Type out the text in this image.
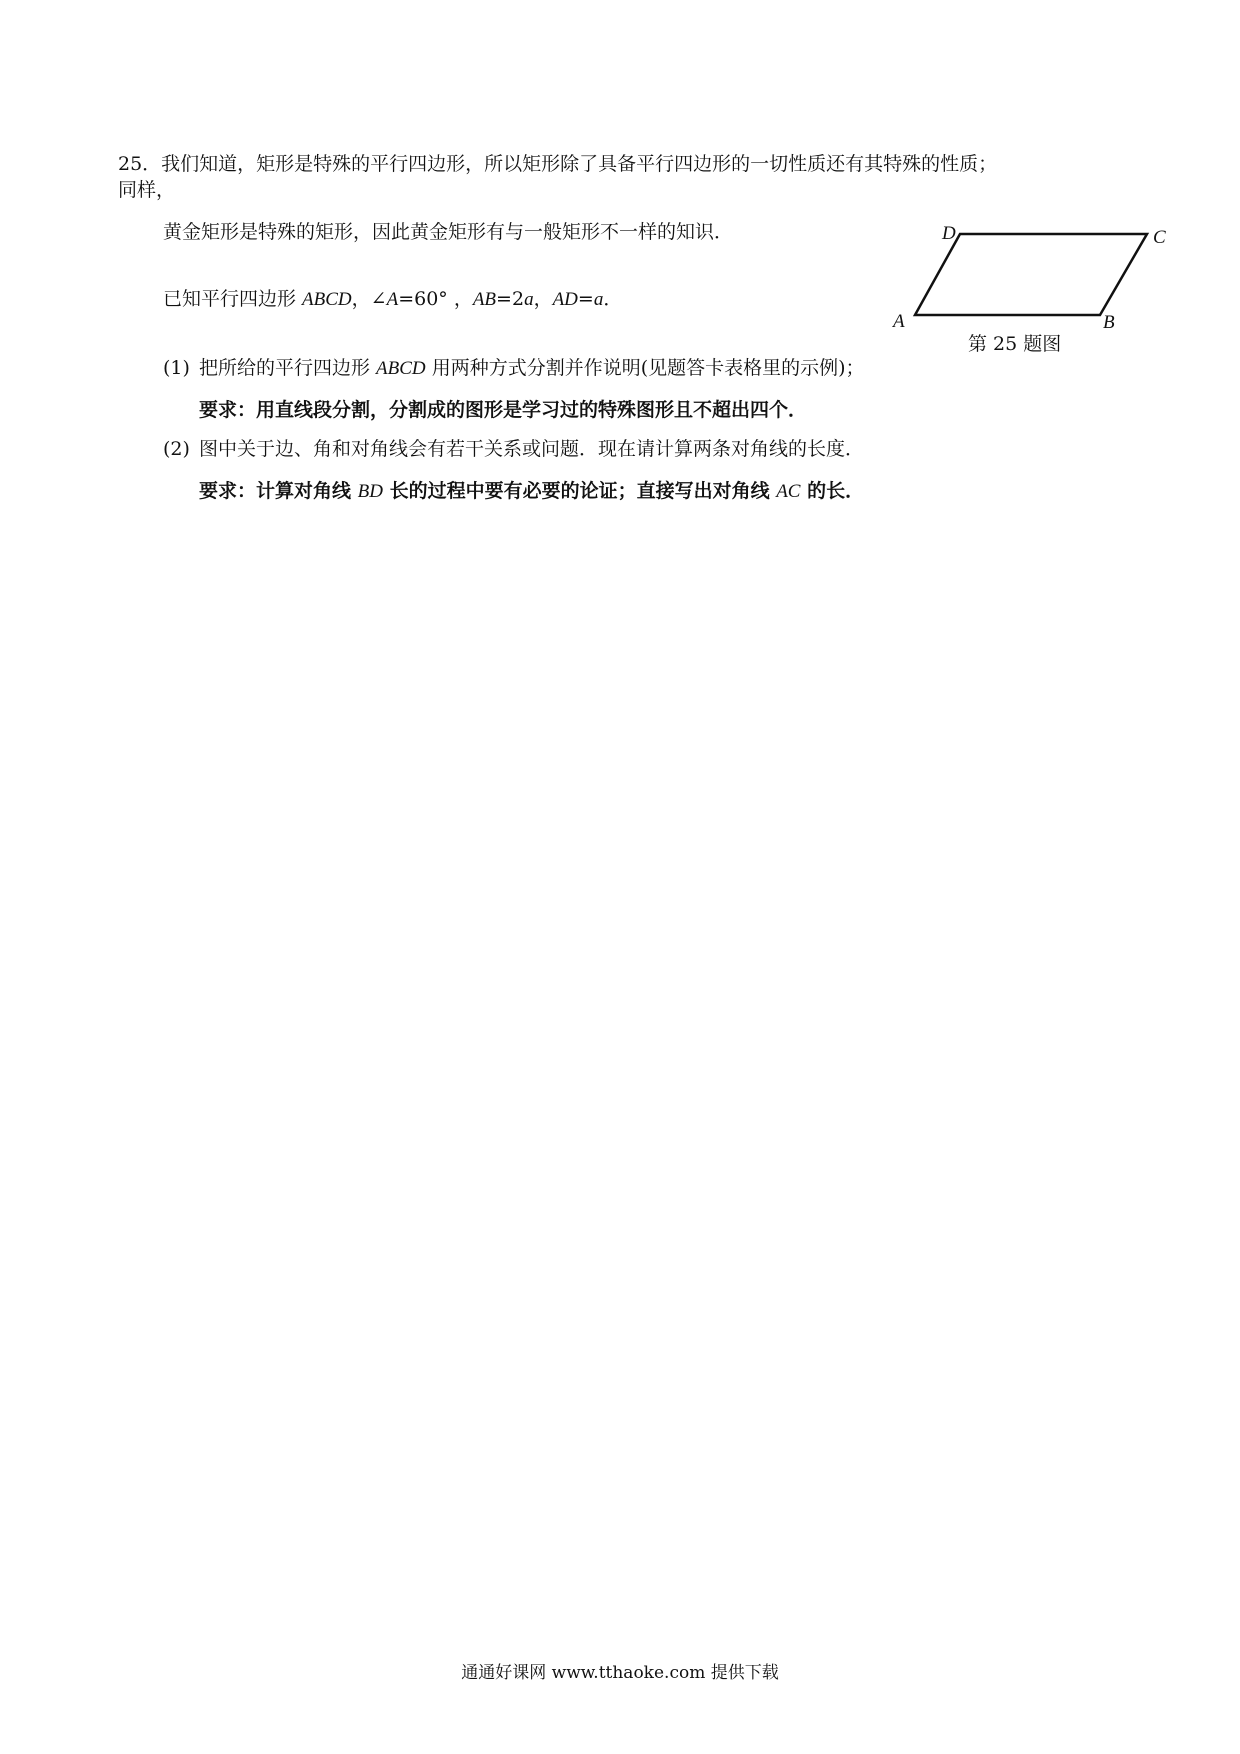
25．我们知道，矩形是特殊的平行四边形，所以矩形除了具备平行四边形的一切性质还有其特殊的性质；
同样，
黄金矩形是特殊的矩形，因此黄金矩形有与一般矩形不一样的知识．
已知平行四边形 ABCD，∠A=60° ，AB=2a，AD=a．
(1) 把所给的平行四边形 ABCD 用两种方式分割并作说明(见题答卡表格里的示例)；
要求：用直线段分割，分割成的图形是学习过的特殊图形且不超出四个．
(2) 图中关于边、角和对角线会有若干关系或问题．现在请计算两条对角线的长度．
要求：计算对角线 BD 长的过程中要有必要的论证；直接写出对角线 AC 的长．
A	B
C
D
第 25 题图
通通好课网 www.tthaoke.com 提供下载
